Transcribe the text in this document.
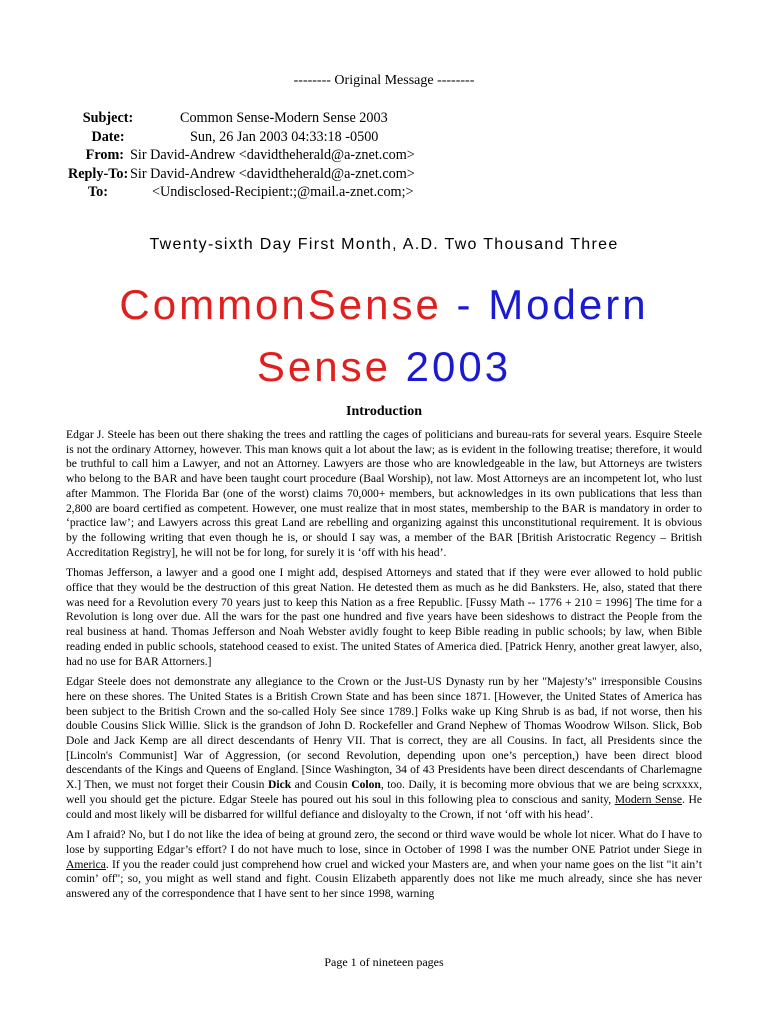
-------- Original Message --------
Subject:	Common Sense-Modern Sense 2003
Date:	Sun, 26 Jan 2003 04:33:18 -0500
From: Sir David-Andrew <davidtheherald@a-znet.com>
Reply-To: Sir David-Andrew <davidtheherald@a-znet.com>
To:	<Undisclosed-Recipient:;@mail.a-znet.com;>
Twenty-sixth Day First Month, A.D. Two Thousand Three
CommonSense - Modern
Sense 2003
Introduction

Edgar J. Steele has been out there shaking the trees and rattling the cages of politicians and bureau-rats for several years. Esquire Steele is not the ordinary Attorney, however. This man knows quit a lot about the law; as is evident in the following treatise; therefore, it would be truthful to call him a Lawyer, and not an Attorney. Lawyers are those who are knowledgeable in the law, but Attorneys are twisters who belong to the BAR and have been taught court procedure (Baal Worship), not law. Most Attorneys are an incompetent lot, who lust after Mammon. The Florida Bar (one of the worst) claims 70,000+ members, but acknowledges in its own publications that less than 2,800 are board certified as competent. However, one must realize that in most states, membership to the BAR is mandatory in order to ‘practice law’; and Lawyers across this great Land are rebelling and organizing against this unconstitutional requirement. It is obvious by the following writing that even though he is, or should I say was, a member of the BAR [British Aristocratic Regency – British Accreditation Registry], he will not be for long, for surely it is ‘off with his head’.

Thomas Jefferson, a lawyer and a good one I might add, despised Attorneys and stated that if they were ever allowed to hold public office that they would be the destruction of this great Nation. He detested them as much as he did Banksters. He, also, stated that there was need for a Revolution every 70 years just to keep this Nation as a free Republic. [Fussy Math -- 1776 + 210 = 1996] The time for a Revolution is long over due. All the wars for the past one hundred and five years have been sideshows to distract the People from the real business at hand. Thomas Jefferson and Noah Webster avidly fought to keep Bible reading in public schools; by law, when Bible reading ended in public schools, statehood ceased to exist. The united States of America died. [Patrick Henry, another great lawyer, also, had no use for BAR Attorners.]

Edgar Steele does not demonstrate any allegiance to the Crown or the Just-US Dynasty run by her "Majesty’s" irresponsible Cousins here on these shores. The United States is a British Crown State and has been since 1871. [However, the United States of America has been subject to the British Crown and the so-called Holy See since 1789.] Folks wake up King Shrub is as bad, if not worse, then his double Cousins Slick Willie. Slick is the grandson of John D. Rockefeller and Grand Nephew of Thomas Woodrow Wilson. Slick, Bob Dole and Jack Kemp are all direct descendants of Henry VII. That is correct, they are all Cousins. In fact, all Presidents since the [Lincoln's Communist] War of Aggression, (or second Revolution, depending upon one’s perception,) have been direct blood descendants of the Kings and Queens of England. [Since Washington, 34 of 43 Presidents have been direct descendants of Charlemagne X.] Then, we must not forget their Cousin Dick and Cousin Colon, too. Daily, it is becoming more obvious that we are being scrxxxx, well you should get the picture. Edgar Steele has poured out his soul in this following plea to conscious and sanity, Modern Sense. He could and most likely will be disbarred for willful defiance and disloyalty to the Crown, if not ‘off with his head’.

Am I afraid? No, but I do not like the idea of being at ground zero, the second or third wave would be whole lot nicer. What do I have to lose by supporting Edgar’s effort? I do not have much to lose, since in October of 1998 I was the number ONE Patriot under Siege in America. If you the reader could just comprehend how cruel and wicked your Masters are, and when your name goes on the list "it ain’t comin’ off"; so, you might as well stand and fight. Cousin Elizabeth apparently does not like me much already, since she has never answered any of the correspondence that I have sent to her since 1998, warning

Page 1 of nineteen pages
